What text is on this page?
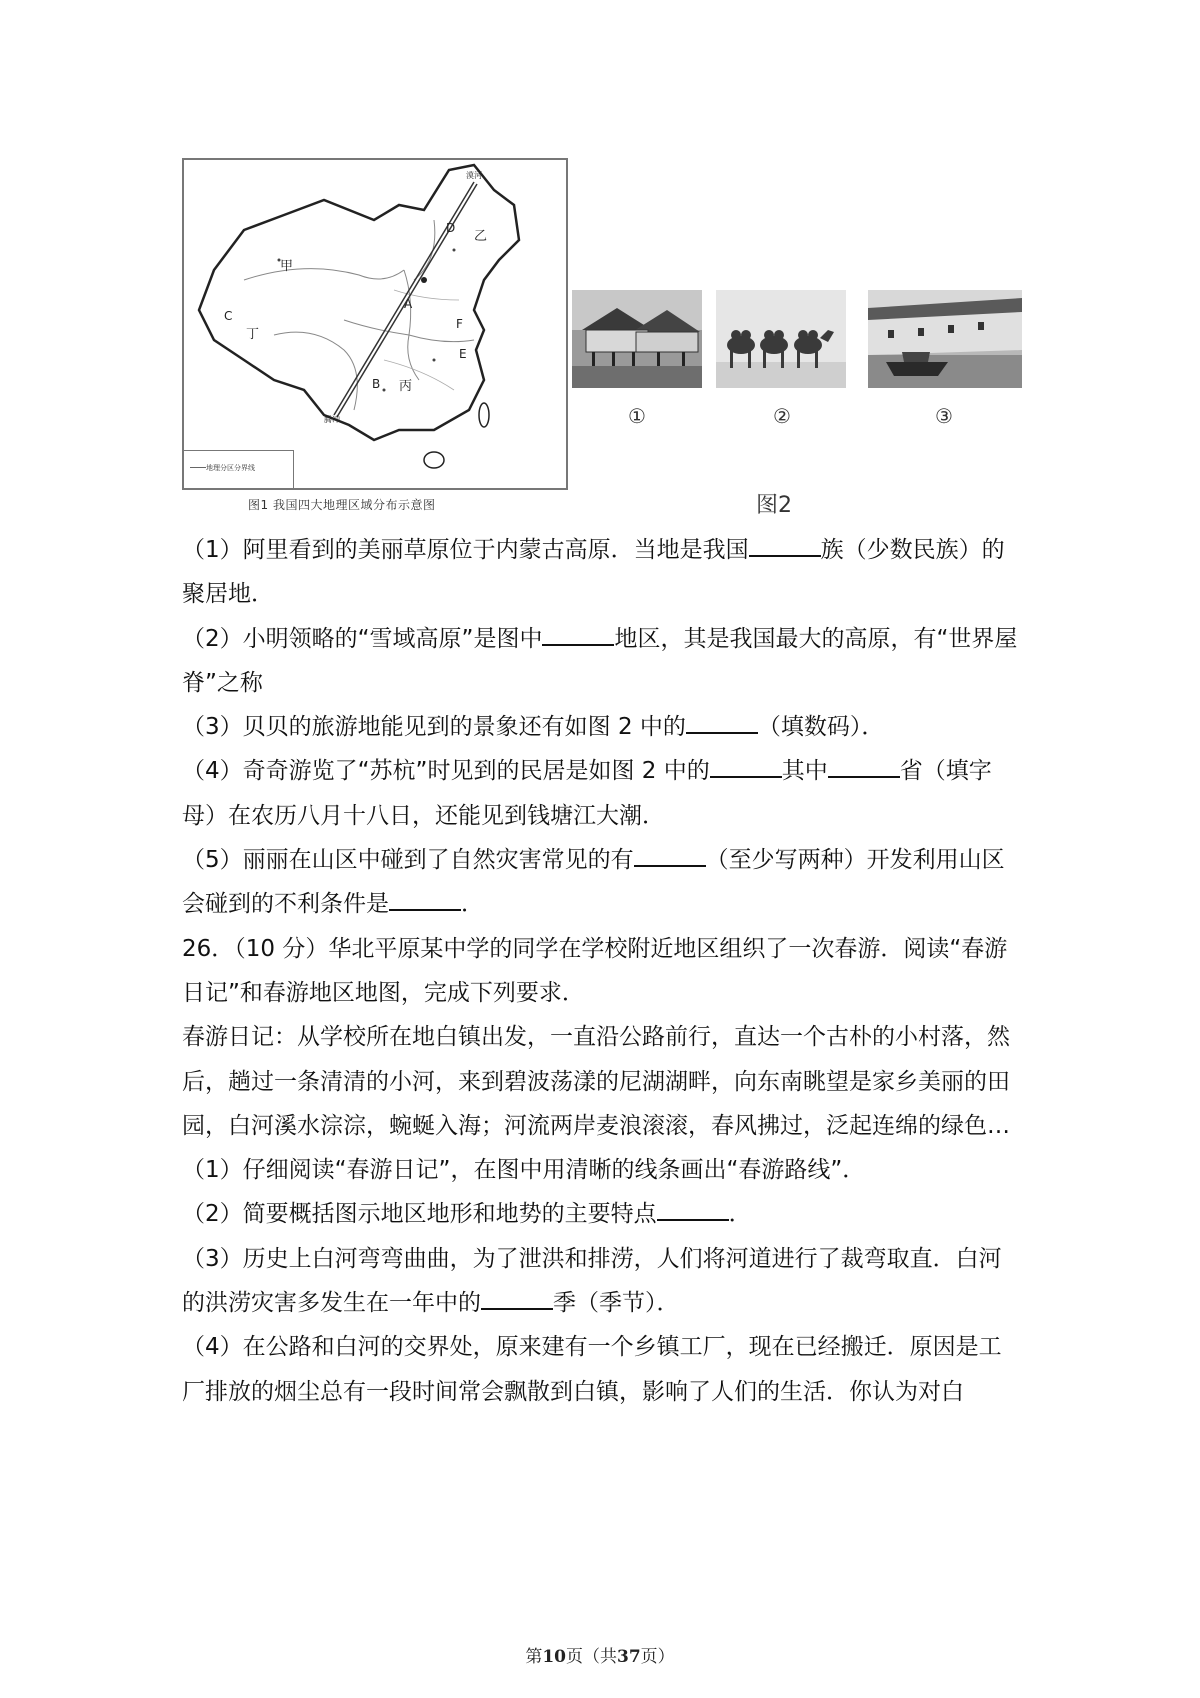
甲
乙
丙
丁
A
B
C
D
E
F
漠河
腾冲
地理分区分界线
图1 我国四大地理区域分布示意图
①	②	③
图2

（1）阿里看到的美丽草原位于内蒙古高原．当地是我国	族（少数民族）的聚居地．

（2）小明领略的“雪域高原”是图中	地区，其是我国最大的高原，有“世界屋脊”之称

（3）贝贝的旅游地能见到的景象还有如图 2 中的	（填数码）．

（4）奇奇游览了“苏杭”时见到的民居是如图 2 中的	其中	省（填字母）在农历八月十八日，还能见到钱塘江大潮．

（5）丽丽在山区中碰到了自然灾害常见的有	（至少写两种）开发利用山区会碰到的不利条件是	．

26．（10 分）华北平原某中学的同学在学校附近地区组织了一次春游．阅读“春游日记”和春游地区地图，完成下列要求．

春游日记：从学校所在地白镇出发，一直沿公路前行，直达一个古朴的小村落，然后，趟过一条清清的小河，来到碧波荡漾的尼湖湖畔，向东南眺望是家乡美丽的田园，白河溪水淙淙，蜿蜒入海；河流两岸麦浪滚滚，春风拂过，泛起连绵的绿色…

（1）仔细阅读“春游日记”，在图中用清晰的线条画出“春游路线”．

（2）简要概括图示地区地形和地势的主要特点	．

（3）历史上白河弯弯曲曲，为了泄洪和排涝，人们将河道进行了裁弯取直．白河的洪涝灾害多发生在一年中的	季（季节）．

（4）在公路和白河的交界处，原来建有一个乡镇工厂，现在已经搬迁．原因是工厂排放的烟尘总有一段时间常会飘散到白镇，影响了人们的生活．你认为对白

第10页（共37页）
